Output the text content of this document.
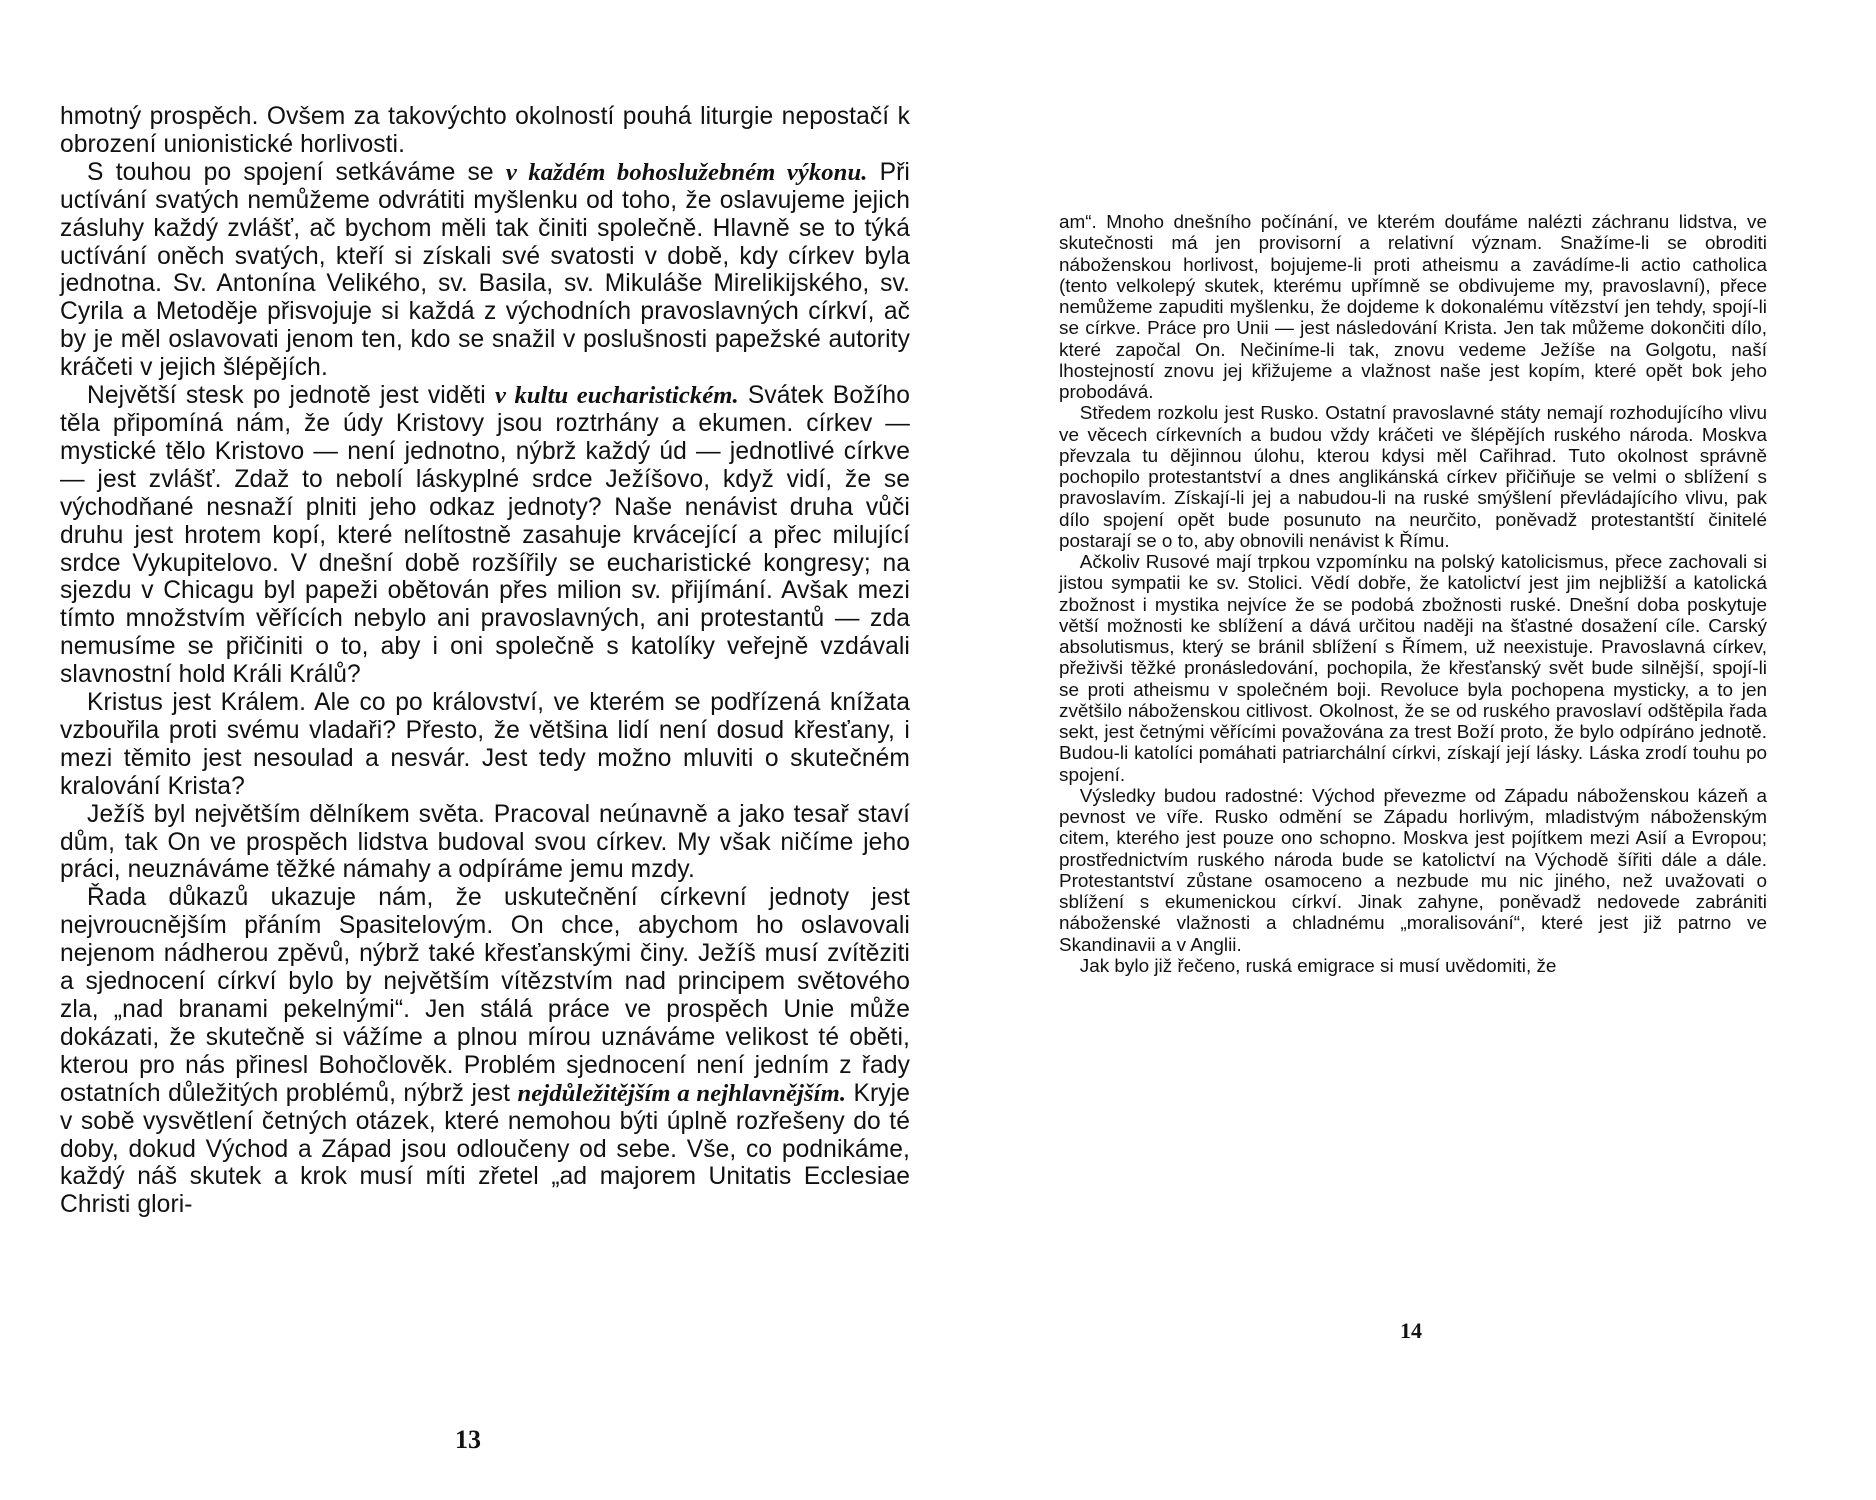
hmotný prospěch. Ovšem za takovýchto okolností pouhá liturgie nepostačí k obrození unionistické horlivosti.

S touhou po spojení setkáváme se v každém bohoslužebném výkonu. Při uctívání svatých nemůžeme odvrátiti myšlenku od toho, že oslavujeme jejich zásluhy každý zvlášť, ač bychom měli tak činiti společně. Hlavně se to týká uctívání oněch svatých, kteří si získali své svatosti v době, kdy církev byla jednotna. Sv. Antonína Velikého, sv. Basila, sv. Mikuláše Mirelikijského, sv. Cyrila a Metoděje přisvojuje si každá z východních pravoslavných církví, ač by je měl oslavovati jenom ten, kdo se snažil v poslušnosti papežské autority kráčeti v jejich šlépějích.

Největší stesk po jednotě jest viděti v kultu eucharistickém. Svátek Božího těla připomíná nám, že údy Kristovy jsou roztrhány a ekumen. církev — mystické tělo Kristovo — není jednotno, nýbrž každý úd — jednotlivé církve — jest zvlášť. Zdaž to nebolí láskyplné srdce Ježíšovo, když vidí, že se východňané nesnaží plniti jeho odkaz jednoty? Naše nenávist druha vůči druhu jest hrotem kopí, které nelítostně zasahuje krvácející a přec milující srdce Vykupitelovo. V dnešní době rozšířily se eucharistické kongresy; na sjezdu v Chicagu byl papeži obětován přes milion sv. přijímání. Avšak mezi tímto množstvím věřících nebylo ani pravoslavných, ani protestantů — zda nemusíme se přičiniti o to, aby i oni společně s katolíky veřejně vzdávali slavnostní hold Králi Králů?

Kristus jest Králem. Ale co po království, ve kterém se podřízená knížata vzbouřila proti svému vladaři? Přesto, že většina lidí není dosud křesťany, i mezi těmito jest nesoulad a nesvár. Jest tedy možno mluviti o skutečném kralování Krista?

Ježíš byl největším dělníkem světa. Pracoval neúnavně a jako tesař staví dům, tak On ve prospěch lidstva budoval svou církev. My však ničíme jeho práci, neuznáváme těžké námahy a odpíráme jemu mzdy.

Řada důkazů ukazuje nám, že uskutečnění církevní jednoty jest nejvroucnějším přáním Spasitelovým. On chce, abychom ho oslavovali nejenom nádherou zpěvů, nýbrž také křesťanskými činy. Ježíš musí zvítěziti a sjednocení církví bylo by největším vítězstvím nad principem světového zla, „nad branami pekelnými“. Jen stálá práce ve prospěch Unie může dokázati, že skutečně si vážíme a plnou mírou uznáváme velikost té oběti, kterou pro nás přinesl Bohočlověk. Problém sjednocení není jedním z řady ostatních důležitých problémů, nýbrž jest nejdůležitějším a nejhlavnějším. Kryje v sobě vysvětlení četných otázek, které nemohou býti úplně rozřešeny do té doby, dokud Východ a Západ jsou odloučeny od sebe. Vše, co podnikáme, každý náš skutek a krok musí míti zřetel „ad majorem Unitatis Ecclesiae Christi glori-

13

am“. Mnoho dnešního počínání, ve kterém doufáme nalézti záchranu lidstva, ve skutečnosti má jen provisorní a relativní význam. Snažíme-li se obroditi náboženskou horlivost, bojujeme-li proti atheismu a zavádíme-li actio catholica (tento velkolepý skutek, kterému upřímně se obdivujeme my, pravoslavní), přece nemůžeme zapuditi myšlenku, že dojdeme k dokonalému vítězství jen tehdy, spojí-li se církve. Práce pro Unii — jest následování Krista. Jen tak můžeme dokončiti dílo, které započal On. Nečiníme-li tak, znovu vedeme Ježíše na Golgotu, naší lhostejností znovu jej křižujeme a vlažnost naše jest kopím, které opět bok jeho probodává.

Středem rozkolu jest Rusko. Ostatní pravoslavné státy nemají rozhodujícího vlivu ve věcech církevních a budou vždy kráčeti ve šlépějích ruského národa. Moskva převzala tu dějinnou úlohu, kterou kdysi měl Cařihrad. Tuto okolnost správně pochopilo protestantství a dnes anglikánská církev přičiňuje se velmi o sblížení s pravoslavím. Získají-li jej a nabudou-li na ruské smýšlení převládajícího vlivu, pak dílo spojení opět bude posunuto na neurčito, poněvadž protestantští činitelé postarají se o to, aby obnovili nenávist k Římu.

Ačkoliv Rusové mají trpkou vzpomínku na polský katolicismus, přece zachovali si jistou sympatii ke sv. Stolici. Vědí dobře, že katolictví jest jim nejbližší a katolická zbožnost i mystika nejvíce že se podobá zbožnosti ruské. Dnešní doba poskytuje větší možnosti ke sblížení a dává určitou naději na šťastné dosažení cíle. Carský absolutismus, který se bránil sblížení s Římem, už neexistuje. Pravoslavná církev, přeživši těžké pronásledování, pochopila, že křesťanský svět bude silnější, spojí-li se proti atheismu v společném boji. Revoluce byla pochopena mysticky, a to jen zvětšilo náboženskou citlivost. Okolnost, že se od ruského pravoslaví odštěpila řada sekt, jest četnými věřícími považována za trest Boží proto, že bylo odpíráno jednotě. Budou-li katolíci pomáhati patriarchální církvi, získají její lásky. Láska zrodí touhu po spojení.

Výsledky budou radostné: Východ převezme od Západu náboženskou kázeň a pevnost ve víře. Rusko odmění se Západu horlivým, mladistvým náboženským citem, kterého jest pouze ono schopno. Moskva jest pojítkem mezi Asií a Evropou; prostřednictvím ruského národa bude se katolictví na Východě šířiti dále a dále. Protestantství zůstane osamoceno a nezbude mu nic jiného, než uvažovati o sblížení s ekumenickou církví. Jinak zahyne, poněvadž nedovede zabrániti náboženské vlažnosti a chladnému „moralisování“, které jest již patrno ve Skandinavii a v Anglii.

Jak bylo již řečeno, ruská emigrace si musí uvědomiti, že

14
